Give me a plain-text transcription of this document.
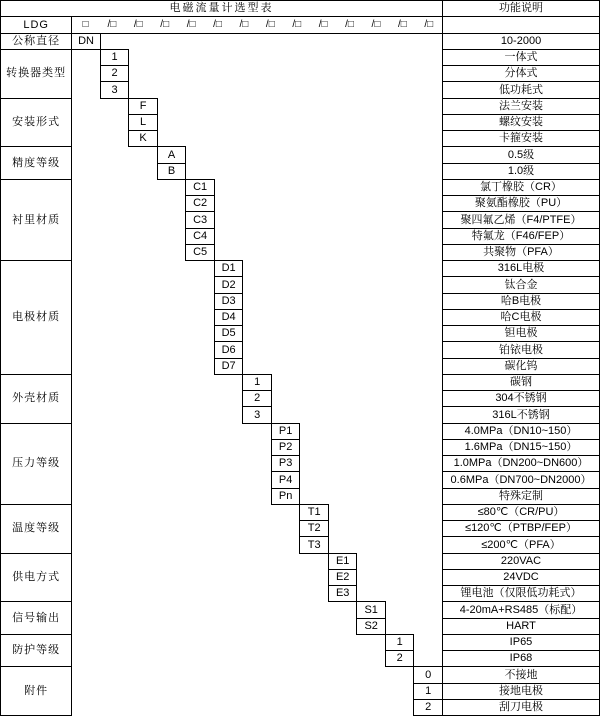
电磁流量计选型表														功能说明
LDG	□	/□	/□	/□	/□	/□	/□	/□	/□	/□	/□	/□	/□	/□

公称直径	DN													10-2000
转换器类型		1												一体式
		2												分体式
		3												低功耗式
安装形式			F											法兰安装
			L											螺纹安装
			K											卡箍安装
精度等级				A										0.5级
				B										1.0级
衬里材质					C1									氯丁橡胶（CR）
					C2									聚氨酯橡胶（PU）
					C3									聚四氟乙烯（F4/PTFE）
					C4									特氟龙（F46/FEP）
					C5									共聚物（PFA）
电极材质						D1								316L电极
						D2								钛合金
						D3								哈B电极
						D4								哈C电极
						D5								钽电极
						D6								铂铱电极
						D7								碳化钨
外壳材质							1							碳钢
							2							304不锈钢
							3							316L不锈钢
压力等级								P1						4.0MPa（DN10~150）
								P2						1.6MPa（DN15~150）
								P3						1.0MPa（DN200~DN600）
								P4						0.6MPa（DN700~DN2000）
								Pn						特殊定制
温度等级									T1					≤80℃（CR/PU）
									T2					≤120℃（PTBP/FEP）
									T3					≤200℃（PFA）
供电方式										E1				220VAC
										E2				24VDC
										E3				锂电池（仅限低功耗式）
信号输出											S1			4-20mA+RS485（标配）
											S2			HART
防护等级												1		IP65
												2		IP68
附件													0	不接地
													1	接地电极
													2	刮刀电极
